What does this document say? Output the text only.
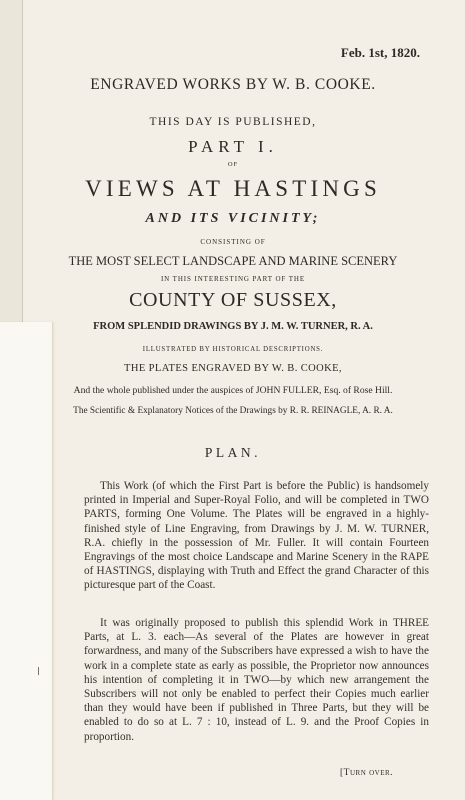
Feb. 1st, 1820.
ENGRAVED WORKS BY W. B. COOKE.
THIS DAY IS PUBLISHED,
PART I.
OF
VIEWS AT HASTINGS
AND ITS VICINITY;
CONSISTING OF
THE MOST SELECT LANDSCAPE AND MARINE SCENERY
IN THIS INTERESTING PART OF THE
COUNTY OF SUSSEX,
FROM SPLENDID DRAWINGS BY J. M. W. TURNER, R. A.
ILLUSTRATED BY HISTORICAL DESCRIPTIONS.
THE PLATES ENGRAVED BY W. B. COOKE,
And the whole published under the auspices of JOHN FULLER, Esq. of Rose Hill.
The Scientific & Explanatory Notices of the Drawings by R. R. REINAGLE, A. R. A.
PLAN.

This Work (of which the First Part is before the Public) is handsomely printed in Imperial and Super-Royal Folio, and will be completed in TWO PARTS, forming One Volume. The Plates will be engraved in a highly-finished style of Line Engraving, from Drawings by J. M. W. TURNER, R.A. chiefly in the possession of Mr. Fuller. It will contain Fourteen Engravings of the most choice Landscape and Marine Scenery in the RAPE of HASTINGS, displaying with Truth and Effect the grand Character of this picturesque part of the Coast.

It was originally proposed to publish this splendid Work in THREE Parts, at L. 3. each—As several of the Plates are however in great forwardness, and many of the Subscribers have expressed a wish to have the work in a complete state as early as possible, the Proprietor now announces his intention of completing it in TWO—by which new arrangement the Subscribers will not only be enabled to perfect their Copies much earlier than they would have been if published in Three Parts, but they will be enabled to do so at L. 7 : 10, instead of L. 9. and the Proof Copies in proportion.

[Turn over.
